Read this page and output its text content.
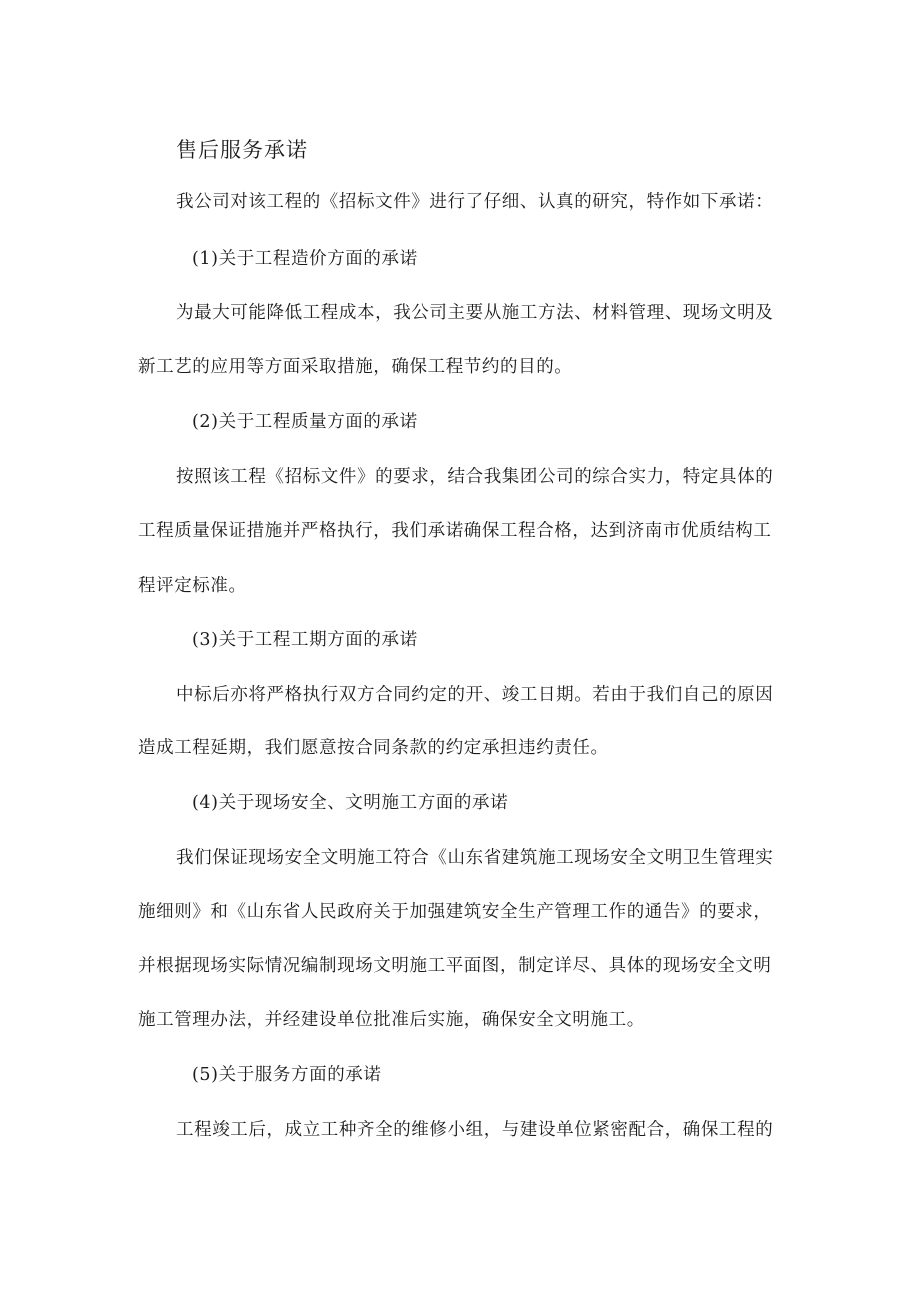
售后服务承诺
我公司对该工程的《招标文件》进行了仔细、认真的研究，特作如下承诺：
(1)关于工程造价方面的承诺
为最大可能降低工程成本，我公司主要从施工方法、材料管理、现场文明及
新工艺的应用等方面采取措施，确保工程节约的目的。
(2)关于工程质量方面的承诺
按照该工程《招标文件》的要求，结合我集团公司的综合实力，特定具体的
工程质量保证措施并严格执行，我们承诺确保工程合格，达到济南市优质结构工
程评定标准。
(3)关于工程工期方面的承诺
中标后亦将严格执行双方合同约定的开、竣工日期。若由于我们自己的原因
造成工程延期，我们愿意按合同条款的约定承担违约责任。
(4)关于现场安全、文明施工方面的承诺
我们保证现场安全文明施工符合《山东省建筑施工现场安全文明卫生管理实
施细则》和《山东省人民政府关于加强建筑安全生产管理工作的通告》的要求，
并根据现场实际情况编制现场文明施工平面图，制定详尽、具体的现场安全文明
施工管理办法，并经建设单位批准后实施，确保安全文明施工。
(5)关于服务方面的承诺
工程竣工后，成立工种齐全的维修小组，与建设单位紧密配合，确保工程的
